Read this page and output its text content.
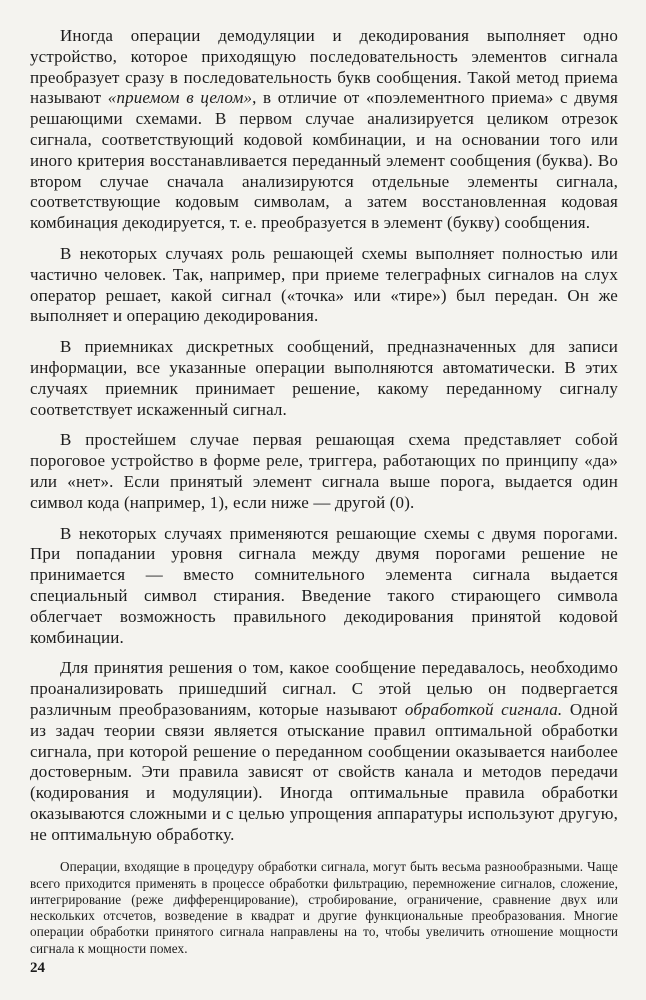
Иногда операции демодуляции и декодирования выполняет одно устройство, которое приходящую последовательность элементов сигнала преобразует сразу в последовательность букв сообщения. Такой метод приема называют «приемом в целом», в отличие от «поэлементного приема» с двумя решающими схемами. В первом случае анализируется целиком отрезок сигнала, соответствующий кодовой комбинации, и на основании того или иного критерия восстанавливается переданный элемент сообщения (буква). Во втором случае сначала анализируются отдельные элементы сигнала, соответствующие кодовым символам, а затем восстановленная кодовая комбинация декодируется, т. е. преобразуется в элемент (букву) сообщения.

В некоторых случаях роль решающей схемы выполняет полностью или частично человек. Так, например, при приеме телеграфных сигналов на слух оператор решает, какой сигнал («точка» или «тире») был передан. Он же выполняет и операцию декодирования.

В приемниках дискретных сообщений, предназначенных для записи информации, все указанные операции выполняются автоматически. В этих случаях приемник принимает решение, какому переданному сигналу соответствует искаженный сигнал.

В простейшем случае первая решающая схема представляет собой пороговое устройство в форме реле, триггера, работающих по принципу «да» или «нет». Если принятый элемент сигнала выше порога, выдается один символ кода (например, 1), если ниже — другой (0).

В некоторых случаях применяются решающие схемы с двумя порогами. При попадании уровня сигнала между двумя порогами решение не принимается — вместо сомнительного элемента сигнала выдается специальный символ стирания. Введение такого стирающего символа облегчает возможность правильного декодирования принятой кодовой комбинации.

Для принятия решения о том, какое сообщение передавалось, необходимо проанализировать пришедший сигнал. С этой целью он подвергается различным преобразованиям, которые называют обработкой сигнала. Одной из задач теории связи является отыскание правил оптимальной обработки сигнала, при которой решение о переданном сообщении оказывается наиболее достоверным. Эти правила зависят от свойств канала и методов передачи (кодирования и модуляции). Иногда оптимальные правила обработки оказываются сложными и с целью упрощения аппаратуры используют другую, не оптимальную обработку.

Операции, входящие в процедуру обработки сигнала, могут быть весьма разнообразными. Чаще всего приходится применять в процессе обработки фильтрацию, перемножение сигналов, сложение, интегрирование (реже дифференцирование), стробирование, ограничение, сравнение двух или нескольких отсчетов, возведение в квадрат и другие функциональные преобразования. Многие операции обработки принятого сигнала направлены на то, чтобы увеличить отношение мощности сигнала к мощности помех.

24
